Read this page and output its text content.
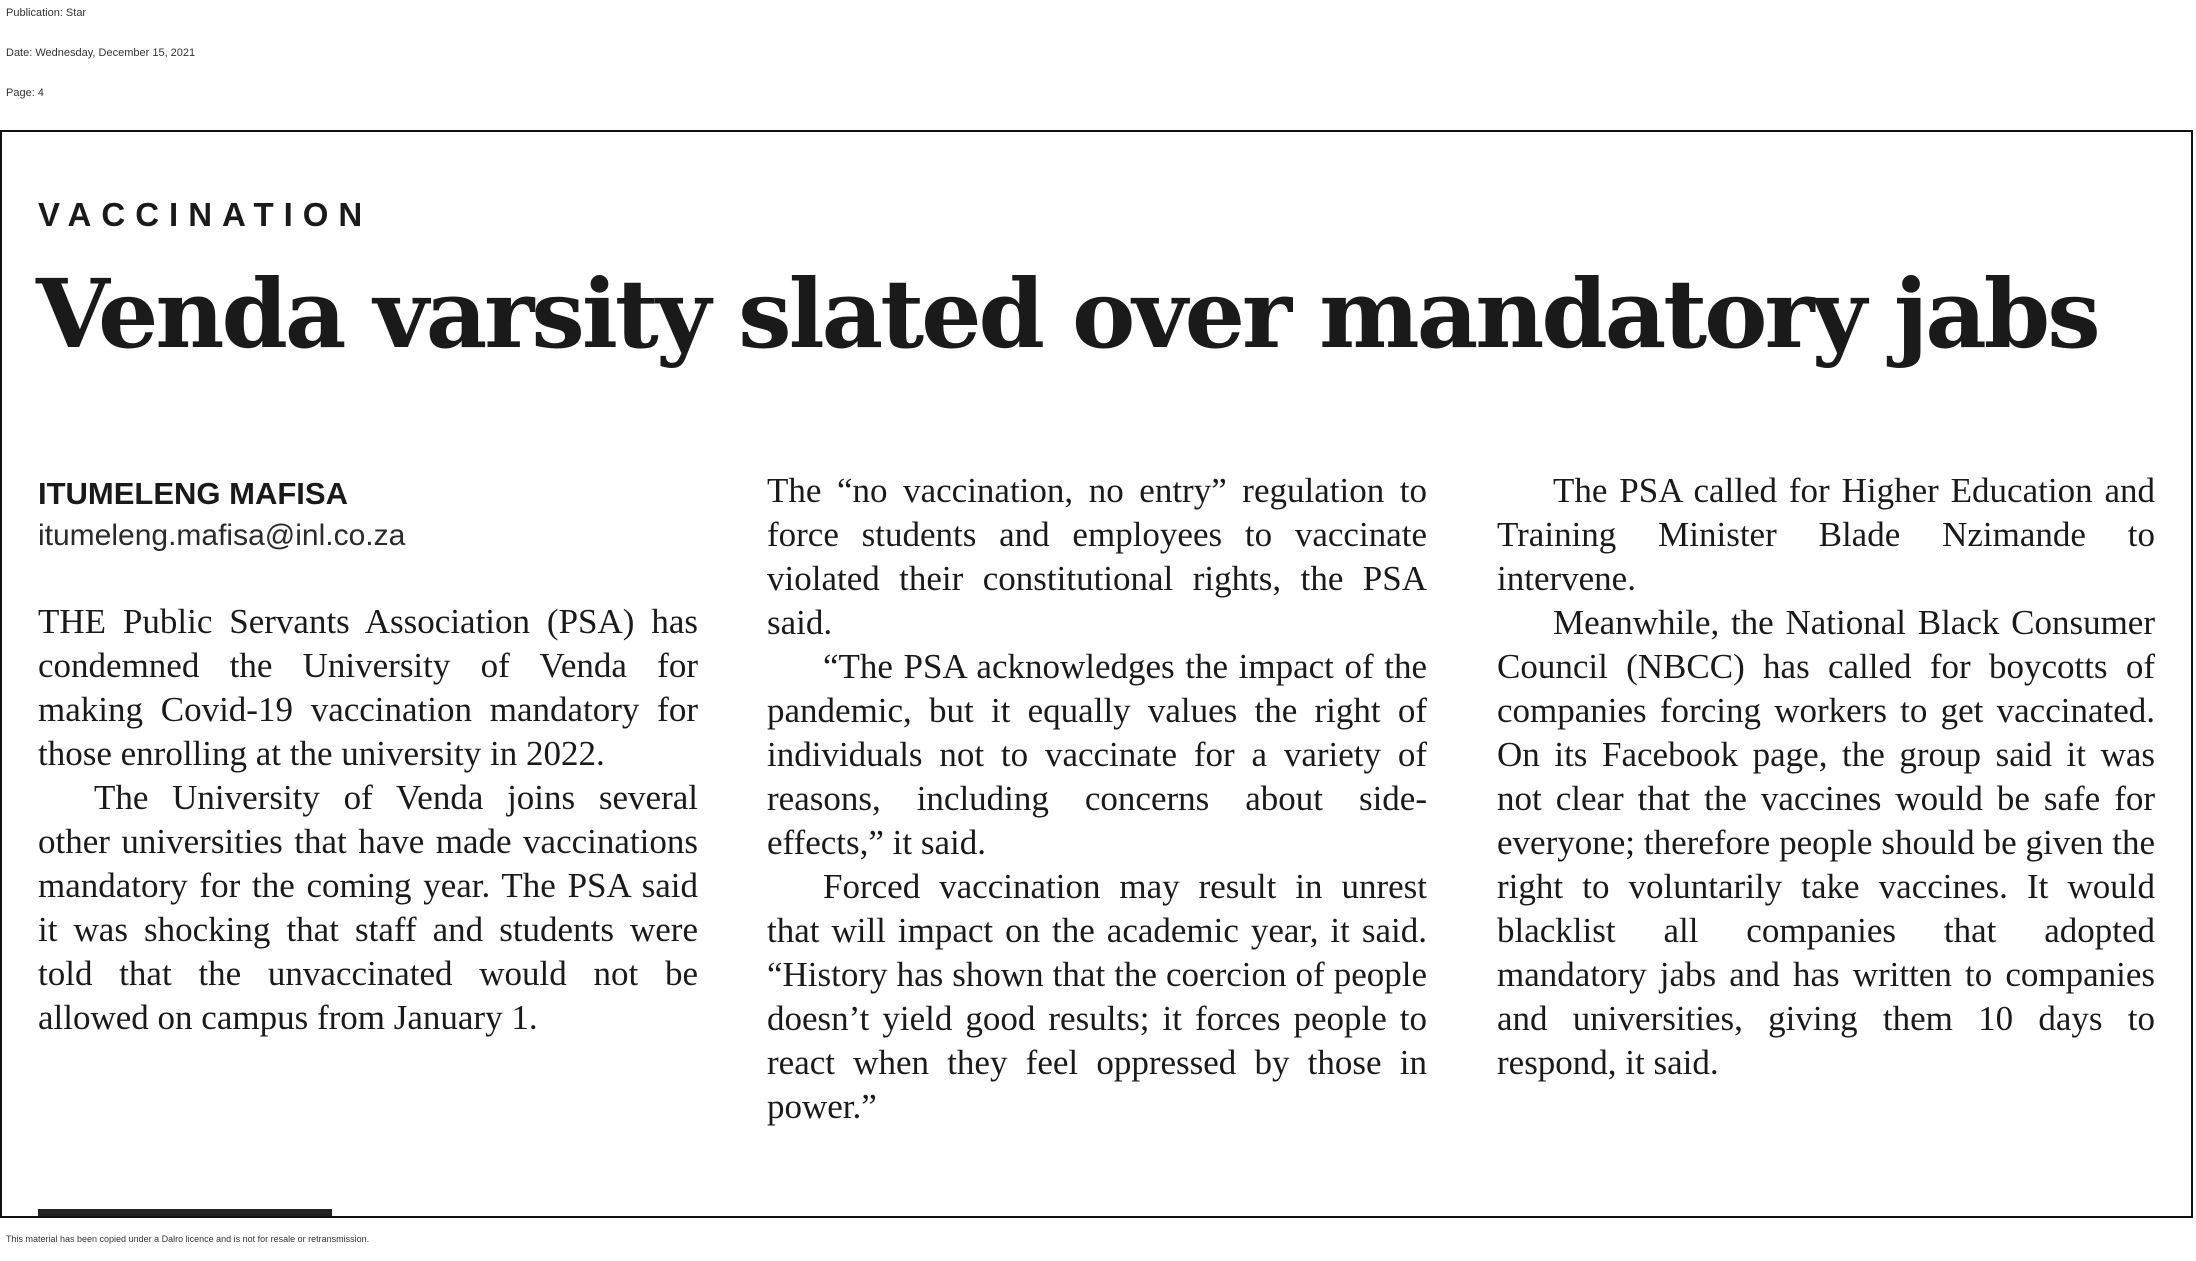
Publication: Star
Date: Wednesday, December 15, 2021
Page: 4
VACCINATION
Venda varsity slated over mandatory jabs
ITUMELENG MAFISA
itumeleng.mafisa@inl.co.za

THE Public Servants Association (PSA) has condemned the University of Venda for making Covid-19 vaccination mandatory for those enrolling at the university in 2022.

The University of Venda joins several other universities that have made vaccinations mandatory for the coming year. The PSA said it was shocking that staff and students were told that the unvaccinated would not be allowed on campus from January 1.

The “no vaccination, no entry” regulation to force students and employees to vaccinate violated their constitutional rights, the PSA said.

“The PSA acknowledges the impact of the pandemic, but it equally values the right of individuals not to vaccinate for a variety of reasons, including concerns about side-effects,” it said.

Forced vaccination may result in unrest that will impact on the academic year, it said. “History has shown that the coercion of people doesn’t yield good results; it forces people to react when they feel oppressed by those in power.”

The PSA called for Higher Education and Training Minister Blade Nzimande to intervene.

Meanwhile, the National Black Consumer Council (NBCC) has called for boycotts of companies forcing workers to get vaccinated. On its Facebook page, the group said it was not clear that the vaccines would be safe for everyone; therefore people should be given the right to voluntarily take vaccines. It would blacklist all companies that adopted mandatory jabs and has written to companies and universities, giving them 10 days to respond, it said.

This material has been copied under a Dalro licence and is not for resale or retransmission.
